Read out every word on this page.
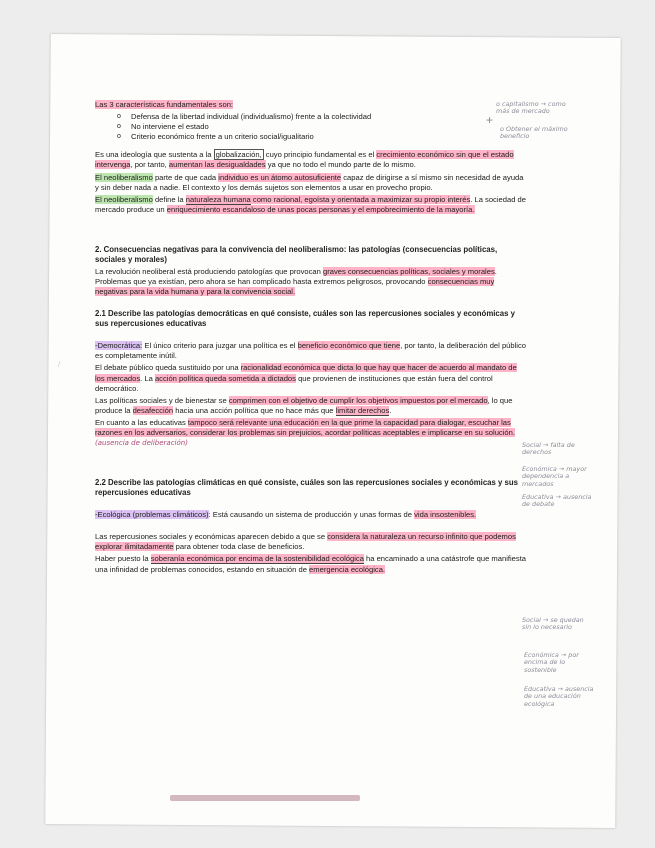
/

Las 3 características fundamentales son:

o Defensa de la libertad individual (individualismo) frente a la colectividad
o No interviene el estado
o Criterio económico frente a un criterio social/igualitario

Es una ideología que sustenta a la globalización, cuyo principio fundamental es el crecimiento económico sin que el estado intervenga, por tanto, aumentan las desigualdades ya que no todo el mundo parte de lo mismo.

El neoliberalismo parte de que cada individuo es un átomo autosuficiente capaz de dirigirse a sí mismo sin necesidad de ayuda y sin deber nada a nadie. El contexto y los demás sujetos son elementos a usar en provecho propio.

El neoliberalismo define la naturaleza humana como racional, egoísta y orientada a maximizar su propio interés. La sociedad de mercado produce un enriquecimiento escandaloso de unas pocas personas y el empobrecimiento de la mayoría.

2. Consecuencias negativas para la convivencia del neoliberalismo: las patologías (consecuencias políticas, sociales y morales)

La revolución neoliberal está produciendo patologías que provocan graves consecuencias políticas, sociales y morales. Problemas que ya existían, pero ahora se han complicado hasta extremos peligrosos, provocando consecuencias muy negativas para la vida humana y para la convivencia social.

2.1 Describe las patologías democráticas en qué consiste, cuáles son las repercusiones sociales y económicas y sus repercusiones educativas

-Democrática: El único criterio para juzgar una política es el beneficio económico que tiene, por tanto, la deliberación del público es completamente inútil.

El debate público queda sustituido por una racionalidad económica que dicta lo que hay que hacer de acuerdo al mandato de los mercados. La acción política queda sometida a dictados que provienen de instituciones que están fuera del control democrático.

Las políticas sociales y de bienestar se comprimen con el objetivo de cumplir los objetivos impuestos por el mercado, lo que produce la desafección hacia una acción política que no hace más que limitar derechos.

En cuanto a las educativas tampoco será relevante una educación en la que prime la capacidad para dialogar, escuchar las razones en los adversarios, considerar los problemas sin prejuicios, acordar políticas aceptables e implicarse en su solución. (ausencia de deliberación)

2.2 Describe las patologías climáticas en qué consiste, cuáles son las repercusiones sociales y económicas y sus repercusiones educativas

-Ecológica (problemas climáticos): Está causando un sistema de producción y unas formas de vida insostenibles.

Las repercusiones sociales y económicas aparecen debido a que se considera la naturaleza un recurso infinito que podemos explorar ilimitadamente para obtener toda clase de beneficios.

Haber puesto la soberanía económica por encima de la sostenibilidad ecológica ha encaminado a una catástrofe que manifiesta una infinidad de problemas conocidos, estando en situación de emergencia ecológica.

+
o capitalismo → como más de mercado
o Obtener el máximo beneficio
Social → falta de derechos
Económica → mayor dependencia a mercados
Educativa → ausencia de debate
Social → se quedan sin lo necesario
Económica → por encima de lo sostenible
Educativa → ausencia de una educación ecológica
